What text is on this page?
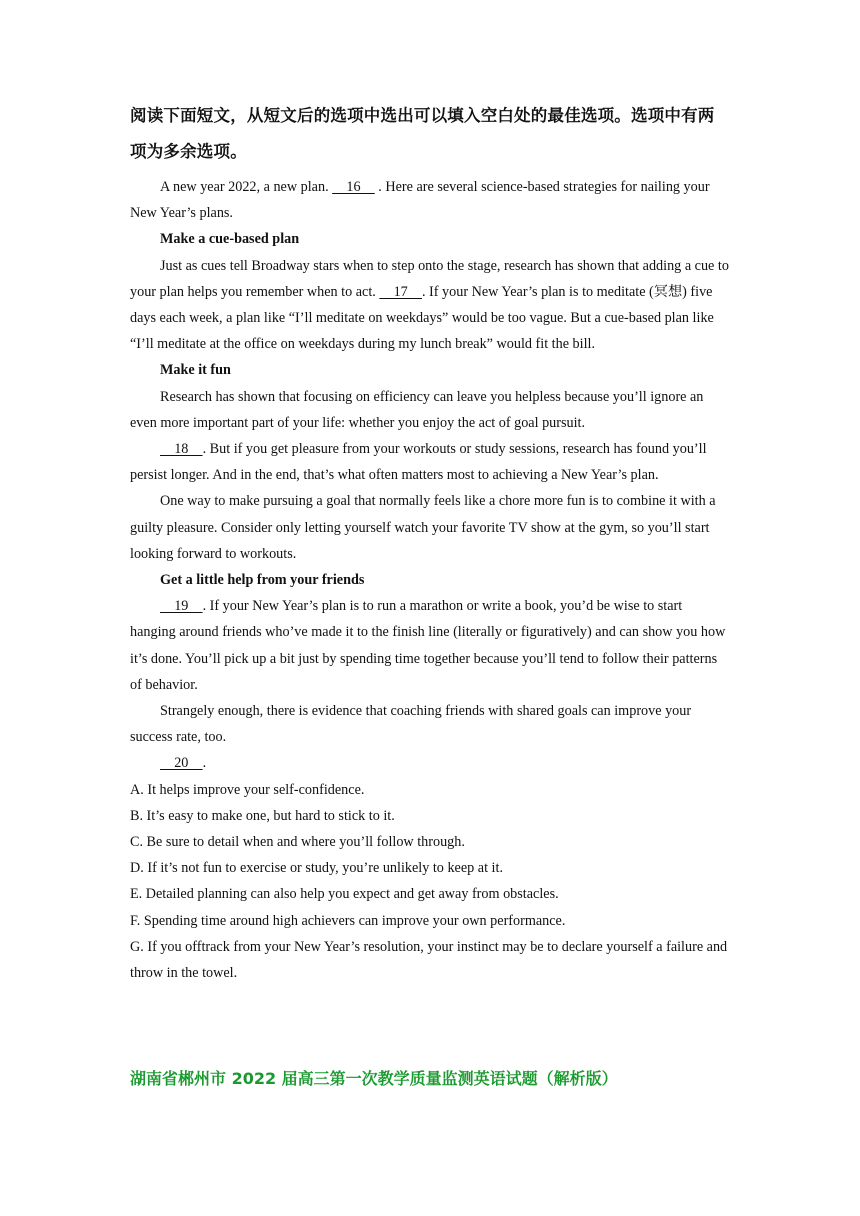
阅读下面短文，从短文后的选项中选出可以填入空白处的最佳选项。选项中有两项为多余选项。

A new year 2022, a new plan.     16     . Here are several science-based strategies for nailing your New Year’s plans.

Make a cue-based plan

Just as cues tell Broadway stars when to step onto the stage, research has shown that adding a cue to your plan helps you remember when to act.     17    . If your New Year’s plan is to meditate (冥想) five days each week, a plan like “I’ll meditate on weekdays” would be too vague. But a cue-based plan like “I’ll meditate at the office on weekdays during my lunch break” would fit the bill.

Make it fun

Research has shown that focusing on efficiency can leave you helpless because you’ll ignore an even more important part of your life: whether you enjoy the act of goal pursuit.

18    . But if you get pleasure from your workouts or study sessions, research has found you’ll persist longer. And in the end, that’s what often matters most to achieving a New Year’s plan.

One way to make pursuing a goal that normally feels like a chore more fun is to combine it with a guilty pleasure. Consider only letting yourself watch your favorite TV show at the gym, so you’ll start looking forward to workouts.

Get a little help from your friends

19    . If your New Year’s plan is to run a marathon or write a book, you’d be wise to start hanging around friends who’ve made it to the finish line (literally or figuratively) and can show you how it’s done. You’ll pick up a bit just by spending time together because you’ll tend to follow their patterns of behavior.

Strangely enough, there is evidence that coaching friends with shared goals can improve your success rate, too.

20    .

A. It helps improve your self-confidence.

B. It’s easy to make one, but hard to stick to it.

C. Be sure to detail when and where you’ll follow through.

D. If it’s not fun to exercise or study, you’re unlikely to keep at it.

E. Detailed planning can also help you expect and get away from obstacles.

F. Spending time around high achievers can improve your own performance.

G. If you offtrack from your New Year’s resolution, your instinct may be to declare yourself a failure and throw in the towel.

湖南省郴州市 2022 届高三第一次教学质量监测英语试题（解析版）
